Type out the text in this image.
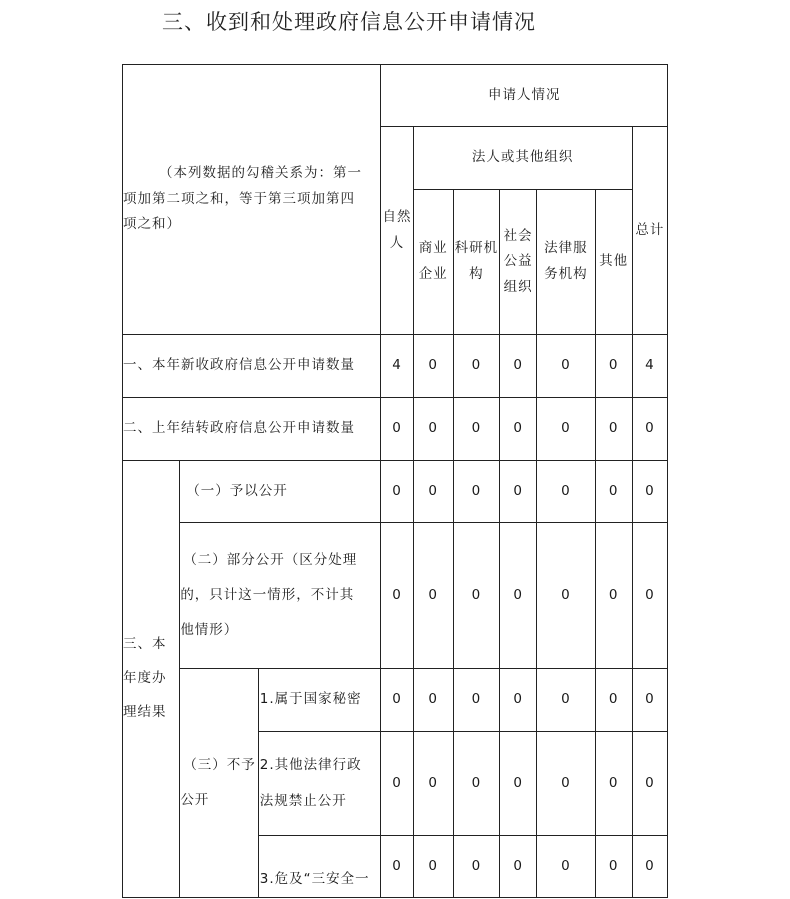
三、收到和处理政府信息公开申请情况
（本列数据的勾稽关系为：第一
项加第二项之和，等于第三项加第四
项之和）			申请人情况						
			自然人	法人或其他组织					总计
				商业企业	科研机构	社会公益组织	法律服务机构	其他	
一、本年新收政府信息公开申请数量			4	0	0	0	0	0	4
二、上年结转政府信息公开申请数量			0	0	0	0	0	0	0

三、本
年度办
理结果	（一）予以公开		0	0	0	0	0	0	0

	（二）部分公开（区分处理
的，只计这一情形，不计其
他情形）		0	0	0	0	0	0	0

	（三）不予
公开	1.属于国家秘密	0	0	0	0	0	0	0

		2.其他法律行政
法规禁止公开	0	0	0	0	0	0	0
		3.危及“三安全一	0	0	0	0	0	0	0
